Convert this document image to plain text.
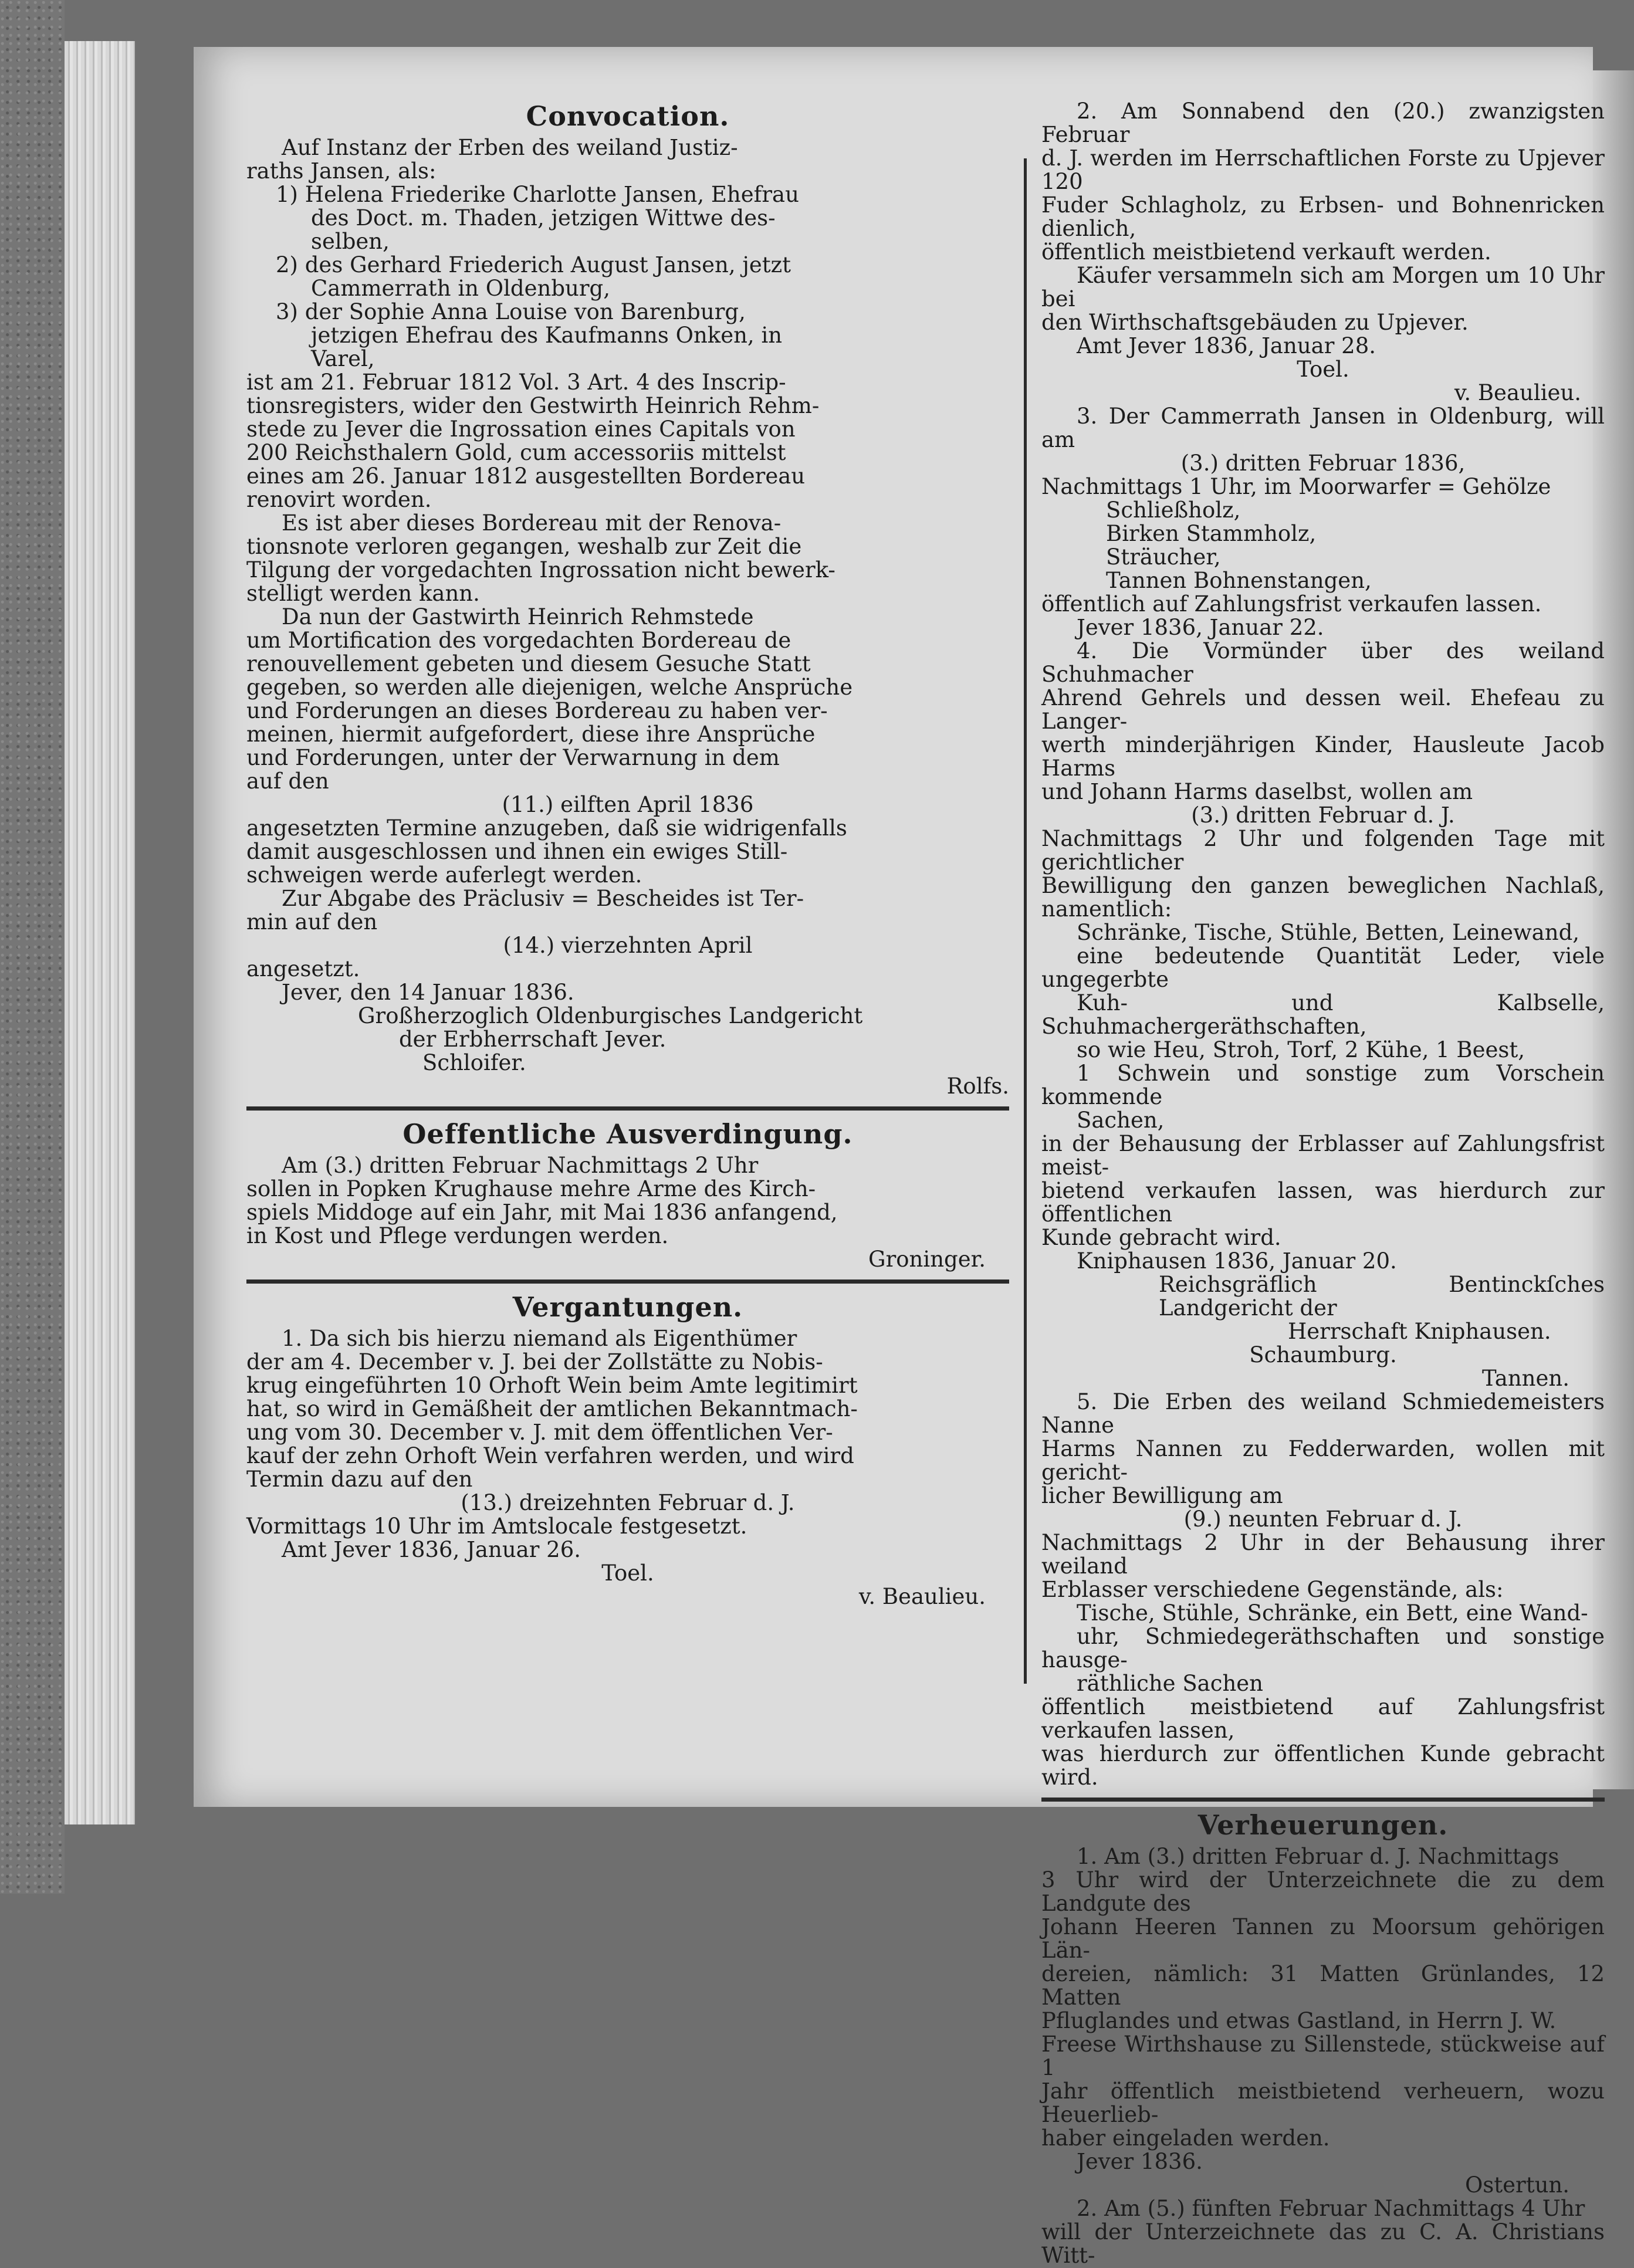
Convocation.

Auf Instanz der Erben des weiland Justiz-

raths Jansen, als:

1) Helena Friederike Charlotte Jansen, Ehefrau

des Doct. m. Thaden, jetzigen Wittwe des-

selben,

2) des Gerhard Friederich August Jansen, jetzt

Cammerrath in Oldenburg,

3) der Sophie Anna Louise von Barenburg,

jetzigen Ehefrau des Kaufmanns Onken, in

Varel,

ist am 21. Februar 1812 Vol. 3 Art. 4 des Inscrip-

tionsregisters, wider den Gestwirth Heinrich Rehm-

stede zu Jever die Ingrossation eines Capitals von

200 Reichsthalern Gold, cum accessoriis mittelst

eines am 26. Januar 1812 ausgestellten Bordereau

renovirt worden.

Es ist aber dieses Bordereau mit der Renova-

tionsnote verloren gegangen, weshalb zur Zeit die

Tilgung der vorgedachten Ingrossation nicht bewerk-

stelligt werden kann.

Da nun der Gastwirth Heinrich Rehmstede

um Mortification des vorgedachten Bordereau de

renouvellement gebeten und diesem Gesuche Statt

gegeben, so werden alle diejenigen, welche Ansprüche

und Forderungen an dieses Bordereau zu haben ver-

meinen, hiermit aufgefordert, diese ihre Ansprüche

und Forderungen, unter der Verwarnung in dem

auf den

(11.) eilften April 1836

angesetzten Termine anzugeben, daß sie widrigenfalls

damit ausgeschlossen und ihnen ein ewiges Still-

schweigen werde auferlegt werden.

Zur Abgabe des Präclusiv = Bescheides ist Ter-

min auf den

(14.) vierzehnten April

angesetzt.

Jever, den 14 Januar 1836.

Großherzoglich Oldenburgisches Landgericht

der Erbherrschaft Jever.

Schloifer.

Rolfs.

Oeffentliche Ausverdingung.

Am (3.) dritten Februar Nachmittags 2 Uhr

sollen in Popken Krughause mehre Arme des Kirch-

spiels Middoge auf ein Jahr, mit Mai 1836 anfangend,

in Kost und Pflege verdungen werden.

Groninger.

Vergantungen.

1. Da sich bis hierzu niemand als Eigenthümer

der am 4. December v. J. bei der Zollstätte zu Nobis-

krug eingeführten 10 Orhoft Wein beim Amte legitimirt

hat, so wird in Gemäßheit der amtlichen Bekanntmach-

ung vom 30. December v. J. mit dem öffentlichen Ver-

kauf der zehn Orhoft Wein verfahren werden, und wird

Termin dazu auf den

(13.) dreizehnten Februar d. J.

Vormittags 10 Uhr im Amtslocale festgesetzt.

Amt Jever 1836, Januar 26.

Toel.

v. Beaulieu.

2. Am Sonnabend den (20.) zwanzigsten Februar

d. J. werden im Herrschaftlichen Forste zu Upjever 120

Fuder Schlagholz, zu Erbsen- und Bohnenricken dienlich,

öffentlich meistbietend verkauft werden.

Käufer versammeln sich am Morgen um 10 Uhr bei

den Wirthschaftsgebäuden zu Upjever.

Amt Jever 1836, Januar 28.

Toel.

v. Beaulieu.

3. Der Cammerrath Jansen in Oldenburg, will am

(3.) dritten Februar 1836,

Nachmittags 1 Uhr, im Moorwarfer = Gehölze

Schließholz,

Birken Stammholz,

Sträucher,

Tannen Bohnenstangen,

öffentlich auf Zahlungsfrist verkaufen lassen.

Jever 1836, Januar 22.

4. Die Vormünder über des weiland Schuhmacher

Ahrend Gehrels und dessen weil. Ehefeau zu Langer-

werth minderjährigen Kinder, Hausleute Jacob Harms

und Johann Harms daselbst, wollen am

(3.) dritten Februar d. J.

Nachmittags 2 Uhr und folgenden Tage mit gerichtlicher

Bewilligung den ganzen beweglichen Nachlaß, namentlich:

Schränke, Tische, Stühle, Betten, Leinewand,

eine bedeutende Quantität Leder, viele ungegerbte

Kuh- und Kalbselle, Schuhmachergeräthschaften,

so wie Heu, Stroh, Torf, 2 Kühe, 1 Beest,

1 Schwein und sonstige zum Vorschein kommende

Sachen,

in der Behausung der Erblasser auf Zahlungsfrist meist-

bietend verkaufen lassen, was hierdurch zur öffentlichen

Kunde gebracht wird.

Kniphausen 1836, Januar 20.

Reichsgräflich Bentinckſches Landgericht der

Herrschaft Kniphausen.

Schaumburg.

Tannen.

5. Die Erben des weiland Schmiedemeisters Nanne

Harms Nannen zu Fedderwarden, wollen mit gericht-

licher Bewilligung am

(9.) neunten Februar d. J.

Nachmittags 2 Uhr in der Behausung ihrer weiland

Erblasser verschiedene Gegenstände, als:

Tische, Stühle, Schränke, ein Bett, eine Wand-

uhr, Schmiedegeräthschaften und sonstige hausge-

räthliche Sachen

öffentlich meistbietend auf Zahlungsfrist verkaufen lassen,

was hierdurch zur öffentlichen Kunde gebracht wird.

Verheuerungen.

1. Am (3.) dritten Februar d. J. Nachmittags

3 Uhr wird der Unterzeichnete die zu dem Landgute des

Johann Heeren Tannen zu Moorsum gehörigen Län-

dereien, nämlich: 31 Matten Grünlandes, 12 Matten

Pfluglandes und etwas Gastland, in Herrn J. W.

Freese Wirthshause zu Sillenstede, stückweise auf 1

Jahr öffentlich meistbietend verheuern, wozu Heuerlieb-

haber eingeladen werden.

Jever 1836.

Ostertun.

2. Am (5.) fünften Februar Nachmittags 4 Uhr

will der Unterzeichnete das zu C. A. Christians Witt-
